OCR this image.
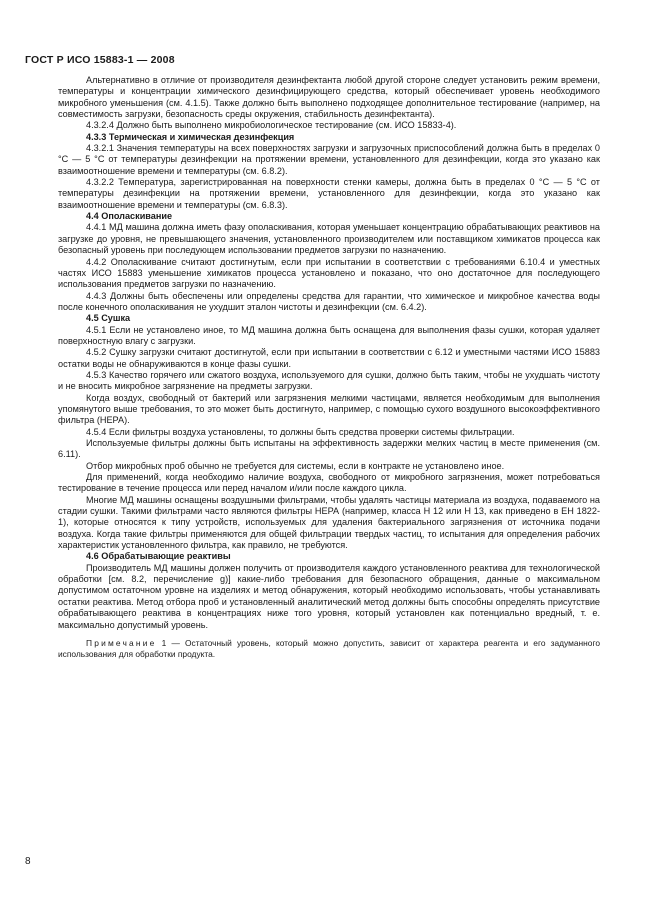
ГОСТ Р ИСО 15883-1 — 2008

Альтернативно в отличие от производителя дезинфектанта любой другой стороне следует установить режим времени, температуры и концентрации химического дезинфицирующего средства, который обеспечивает уровень необходимого микробного уменьшения (см. 4.1.5). Также должно быть выполнено подходящее дополнительное тестирование (например, на совместимость загрузки, безопасность среды окружения, стабильность дезинфектанта).

4.3.2.4 Должно быть выполнено микробиологическое тестирование (см. ИСО 15833-4).

4.3.3 Термическая и химическая дезинфекция

4.3.2.1 Значения температуры на всех поверхностях загрузки и загрузочных приспособлений должна быть в пределах 0 °C — 5 °C от температуры дезинфекции на протяжении времени, установленного для дезинфекции, когда это указано как взаимоотношение времени и температуры (см. 6.8.2).

4.3.2.2 Температура, зарегистрированная на поверхности стенки камеры, должна быть в пределах 0 °C — 5 °C от температуры дезинфекции на протяжении времени, установленного для дезинфекции, когда это указано как взаимоотношение времени и температуры (см. 6.8.3).

4.4 Ополаскивание

4.4.1 МД машина должна иметь фазу ополаскивания, которая уменьшает концентрацию обрабатывающих реактивов на загрузке до уровня, не превышающего значения, установленного производителем или поставщиком химикатов процесса как безопасный уровень при последующем использовании предметов загрузки по назначению.

4.4.2 Ополаскивание считают достигнутым, если при испытании в соответствии с требованиями 6.10.4 и уместных частях ИСО 15883 уменьшение химикатов процесса установлено и показано, что оно достаточное для последующего использования предметов загрузки по назначению.

4.4.3 Должны быть обеспечены или определены средства для гарантии, что химическое и микробное качества воды после конечного ополаскивания не ухудшит эталон чистоты и дезинфекции (см. 6.4.2).

4.5 Сушка

4.5.1 Если не установлено иное, то МД машина должна быть оснащена для выполнения фазы сушки, которая удаляет поверхностную влагу с загрузки.

4.5.2 Сушку загрузки считают достигнутой, если при испытании в соответствии с 6.12 и уместными частями ИСО 15883 остатки воды не обнаруживаются в конце фазы сушки.

4.5.3 Качество горячего или сжатого воздуха, используемого для сушки, должно быть таким, чтобы не ухудшать чистоту и не вносить микробное загрязнение на предметы загрузки.

Когда воздух, свободный от бактерий или загрязнения мелкими частицами, является необходимым для выполнения упомянутого выше требования, то это может быть достигнуто, например, с помощью сухого воздушного высокоэффективного фильтра (НЕРА).

4.5.4 Если фильтры воздуха установлены, то должны быть средства проверки системы фильтрации.

Используемые фильтры должны быть испытаны на эффективность задержки мелких частиц в месте применения (см. 6.11).

Отбор микробных проб обычно не требуется для системы, если в контракте не установлено иное.

Для применений, когда необходимо наличие воздуха, свободного от микробного загрязнения, может потребоваться тестирование в течение процесса или перед началом и/или после каждого цикла.

Многие МД машины оснащены воздушными фильтрами, чтобы удалять частицы материала из воздуха, подаваемого на стадии сушки. Такими фильтрами часто являются фильтры НЕРА (например, класса Н 12 или Н 13, как приведено в ЕН 1822-1), которые относятся к типу устройств, используемых для удаления бактериального загрязнения от источника подачи воздуха. Когда такие фильтры применяются для общей фильтрации твердых частиц, то испытания для определения рабочих характеристик установленного фильтра, как правило, не требуются.

4.6 Обрабатывающие реактивы

Производитель МД машины должен получить от производителя каждого установленного реактива для технологической обработки [см. 8.2, перечисление g)] какие-либо требования для безопасного обращения, данные о максимальном допустимом остаточном уровне на изделиях и метод обнаружения, который необходимо использовать, чтобы устанавливать остатки реактива. Метод отбора проб и установленный аналитический метод должны быть способны определять присутствие обрабатывающего реактива в концентрациях ниже того уровня, который установлен как потенциально вредный, т. е. максимально допустимый уровень.

Примечание 1 — Остаточный уровень, который можно допустить, зависит от характера реагента и его задуманного использования для обработки продукта.

8
